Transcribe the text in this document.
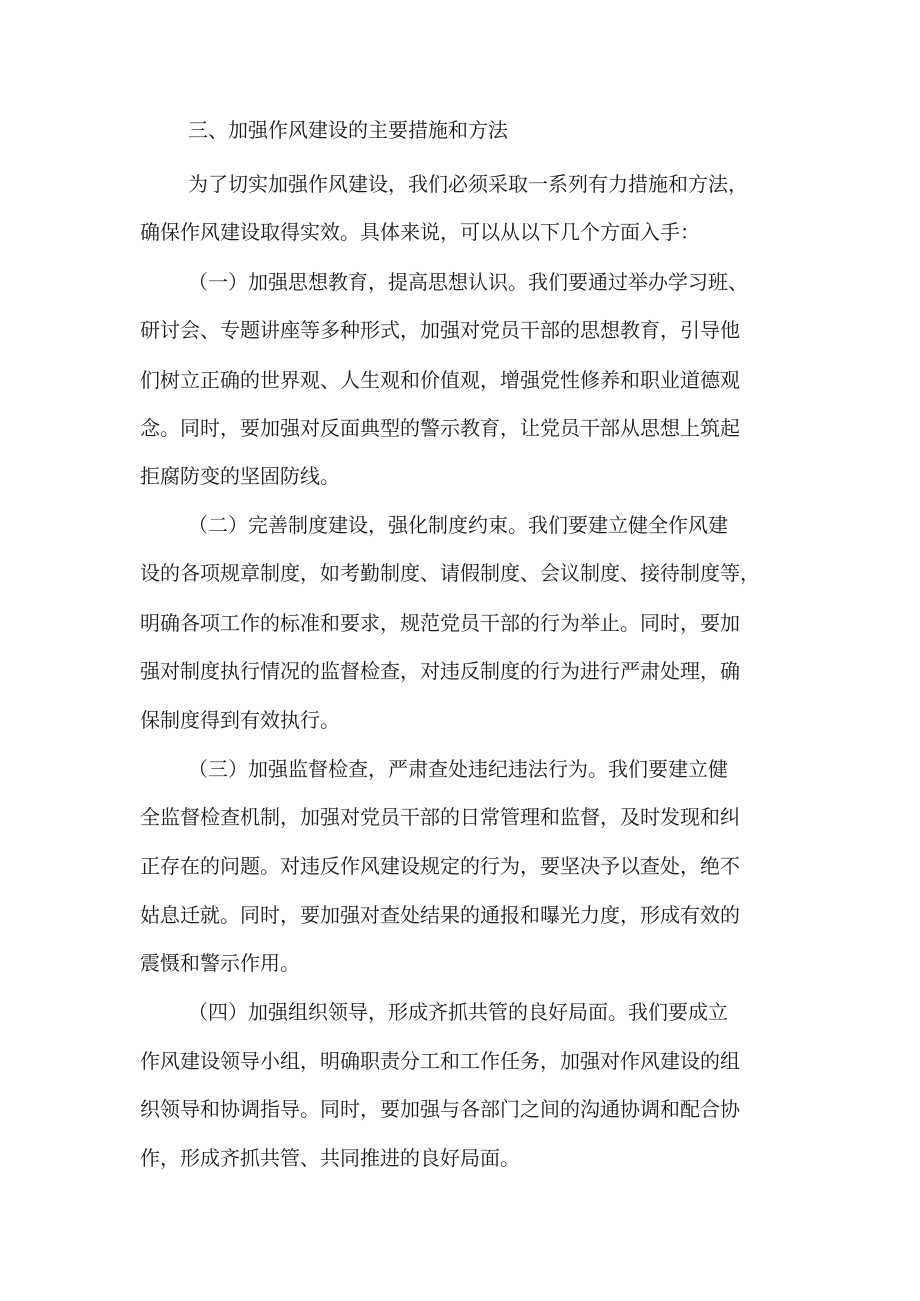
三、加强作风建设的主要措施和方法
为了切实加强作风建设，我们必须采取一系列有力措施和方法，
确保作风建设取得实效。具体来说，可以从以下几个方面入手：
（一）加强思想教育，提高思想认识。我们要通过举办学习班、
研讨会、专题讲座等多种形式，加强对党员干部的思想教育，引导他
们树立正确的世界观、人生观和价值观，增强党性修养和职业道德观
念。同时，要加强对反面典型的警示教育，让党员干部从思想上筑起
拒腐防变的坚固防线。
（二）完善制度建设，强化制度约束。我们要建立健全作风建
设的各项规章制度，如考勤制度、请假制度、会议制度、接待制度等，
明确各项工作的标准和要求，规范党员干部的行为举止。同时，要加
强对制度执行情况的监督检查，对违反制度的行为进行严肃处理，确
保制度得到有效执行。
（三）加强监督检查，严肃查处违纪违法行为。我们要建立健
全监督检查机制，加强对党员干部的日常管理和监督，及时发现和纠
正存在的问题。对违反作风建设规定的行为，要坚决予以查处，绝不
姑息迁就。同时，要加强对查处结果的通报和曝光力度，形成有效的
震慑和警示作用。
（四）加强组织领导，形成齐抓共管的良好局面。我们要成立
作风建设领导小组，明确职责分工和工作任务，加强对作风建设的组
织领导和协调指导。同时，要加强与各部门之间的沟通协调和配合协
作，形成齐抓共管、共同推进的良好局面。
